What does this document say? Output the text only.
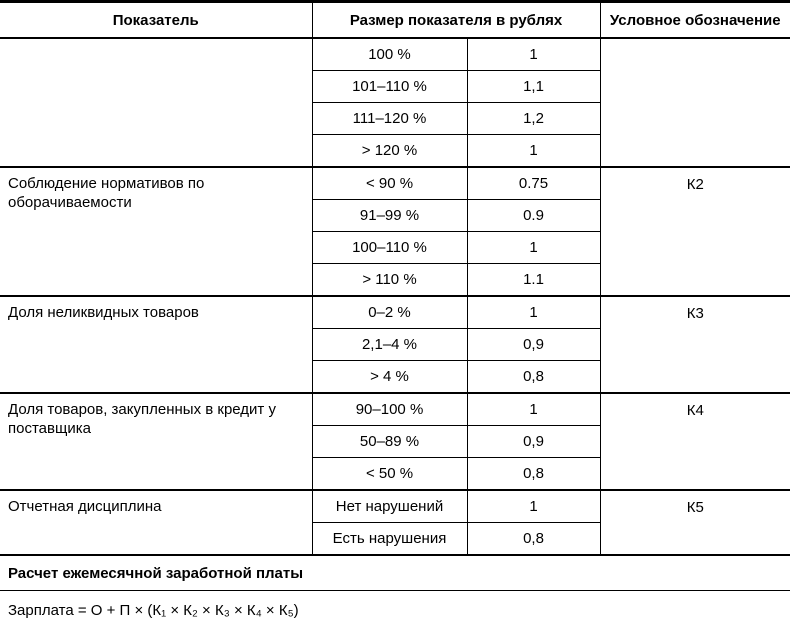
Показатель	Размер показателя в рублях		Условное обозначение
	100 %	1	
	101–110 %	1,1	
	111–120 %	1,2	
	> 120 %	1	
Соблюдение нормативов по оборачиваемости	< 90 %	0.75	К2
	91–99 %	0.9	
	100–110 %	1	
	> 110 %	1.1	
Доля неликвидных товаров	0–2 %	1	К3
	2,1–4 %	0,9	
	> 4 %	0,8	
Доля товаров, закупленных в кредит у поставщика	90–100 %	1	К4
	50–89 %	0,9	
	< 50 %	0,8	
Отчетная дисциплина	Нет нарушений	1	К5
	Есть нарушения	0,8	
Расчет ежемесячной заработной платы			
Зарплата = О + П × (К₁ × К₂ × К₃ × К₄ × К₅)			
